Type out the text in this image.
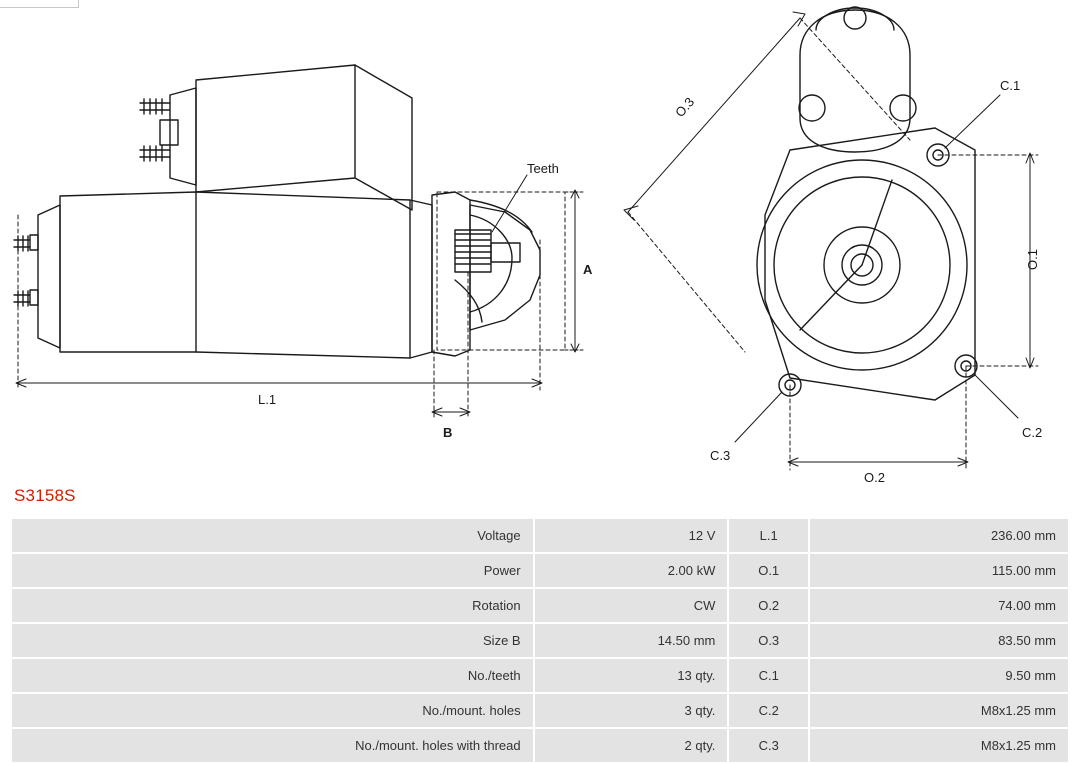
Teeth
A
L.1
B
O.3
O.1
O.2
C.1
C.2
C.3
S3158S
Voltage	12 V	L.1	236.00 mm
Power	2.00 kW	O.1	115.00 mm
Rotation	CW	O.2	74.00 mm
Size B	14.50 mm	O.3	83.50 mm
No./teeth	13 qty.	C.1	9.50 mm
No./mount. holes	3 qty.	C.2	M8x1.25 mm
No./mount. holes with thread	2 qty.	C.3	M8x1.25 mm
